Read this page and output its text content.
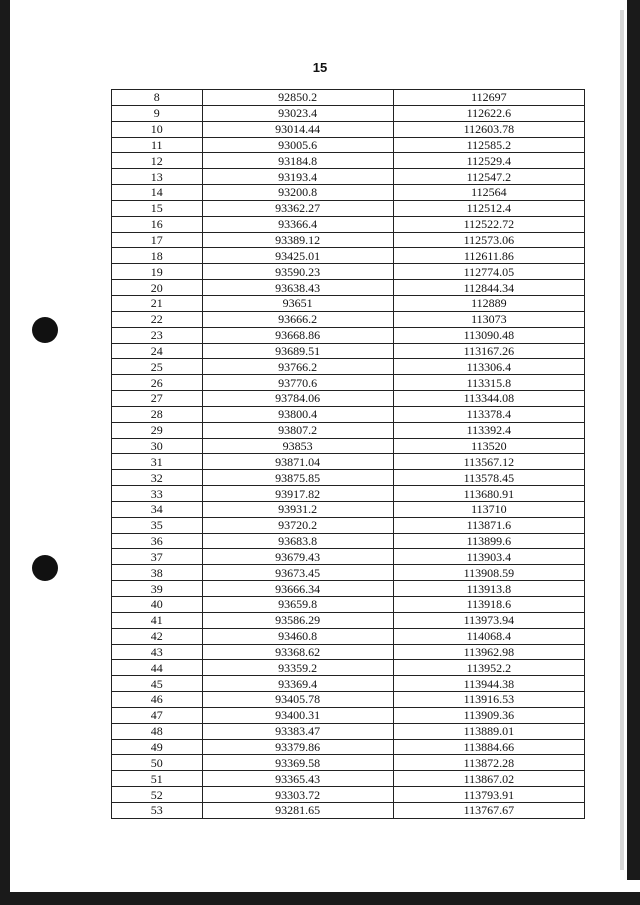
15
8	92850.2	112697
9	93023.4	112622.6
10	93014.44	112603.78
11	93005.6	112585.2
12	93184.8	112529.4
13	93193.4	112547.2
14	93200.8	112564
15	93362.27	112512.4
16	93366.4	112522.72
17	93389.12	112573.06
18	93425.01	112611.86
19	93590.23	112774.05
20	93638.43	112844.34
21	93651	112889
22	93666.2	113073
23	93668.86	113090.48
24	93689.51	113167.26
25	93766.2	113306.4
26	93770.6	113315.8
27	93784.06	113344.08
28	93800.4	113378.4
29	93807.2	113392.4
30	93853	113520
31	93871.04	113567.12
32	93875.85	113578.45
33	93917.82	113680.91
34	93931.2	113710
35	93720.2	113871.6
36	93683.8	113899.6
37	93679.43	113903.4
38	93673.45	113908.59
39	93666.34	113913.8
40	93659.8	113918.6
41	93586.29	113973.94
42	93460.8	114068.4
43	93368.62	113962.98
44	93359.2	113952.2
45	93369.4	113944.38
46	93405.78	113916.53
47	93400.31	113909.36
48	93383.47	113889.01
49	93379.86	113884.66
50	93369.58	113872.28
51	93365.43	113867.02
52	93303.72	113793.91
53	93281.65	113767.67
